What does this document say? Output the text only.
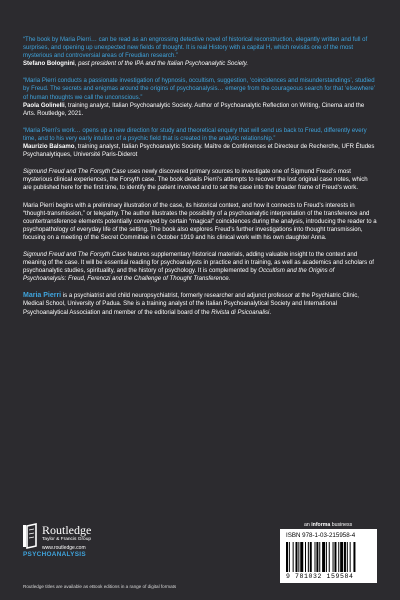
“The book by Maria Pierri… can be read as an engrossing detective novel of historical reconstruction, elegantly written and full of surprises, and opening up unexpected new fields of thought. It is real History with a capital H, which revisits one of the most mysterious and controversial areas of Freudian research.”
Stefano Bolognini, past president of the IPA and the Italian Psychoanalytic Society.
“Maria Pierri conducts a passionate investigation of hypnosis, occultism, suggestion, ‘coincidences and misunderstandings’, studied by Freud. The secrets and enigmas around the origins of psychoanalysis… emerge from the courageous search for that ‘elsewhere’ of human thoughts we call the unconscious.”
Paola Golinelli, training analyst, Italian Psychoanalytic Society. Author of Psychoanalytic Reflection on Writing, Cinema and the Arts. Routledge, 2021.
“Maria Pierri’s work… opens up a new direction for study and theoretical enquiry that will send us back to Freud, differently every time, and to his very early intuition of a psychic field that is created in the analytic relationship.”
Maurizio Balsamo, training analyst, Italian Psychoanalytic Society. Maître de Conférences et Directeur de Recherche, UFR Études Psychanalytiques, Université Paris-Diderot

Sigmund Freud and The Forsyth Case uses newly discovered primary sources to investigate one of Sigmund Freud’s most mysterious clinical experiences, the Forsyth case. The book details Pierri’s attempts to recover the lost original case notes, which are published here for the first time, to identify the patient involved and to set the case into the broader frame of Freud’s work.

Maria Pierri begins with a preliminary illustration of the case, its historical context, and how it connects to Freud’s interests in “thought-transmission,” or telepathy. The author illustrates the possibility of a psychoanalytic interpretation of the transference and countertransference elements potentially conveyed by certain “magical” coincidences during the analysis, introducing the reader to a psychopathology of everyday life of the setting. The book also explores Freud’s further investigations into thought transmission, focusing on a meeting of the Secret Committee in October 1919 and his clinical work with his own daughter Anna.

Sigmund Freud and The Forsyth Case features supplementary historical materials, adding valuable insight to the context and meaning of the case. It will be essential reading for psychoanalysts in practice and in training, as well as academics and scholars of psychoanalytic studies, spirituality, and the history of psychology. It is complemented by Occultism and the Origins of Psychoanalysis: Freud, Ferenczi and the Challenge of Thought Transference.

Maria Pierri is a psychiatrist and child neuropsychiatrist, formerly researcher and adjunct professor at the Psychiatric Clinic, Medical School, University of Padua. She is a training analyst of the Italian Psychoanalytical Society and International Psychoanalytical Association and member of the editorial board of the Rivista di Psicoanalisi.

PSYCHOANALYSIS
Routledge
Taylor & Francis Group
www.routledge.com
an informa business
ISBN 978-1-03-215958-4
9 781032 159584
Routledge titles are available as eBook editions in a range of digital formats
